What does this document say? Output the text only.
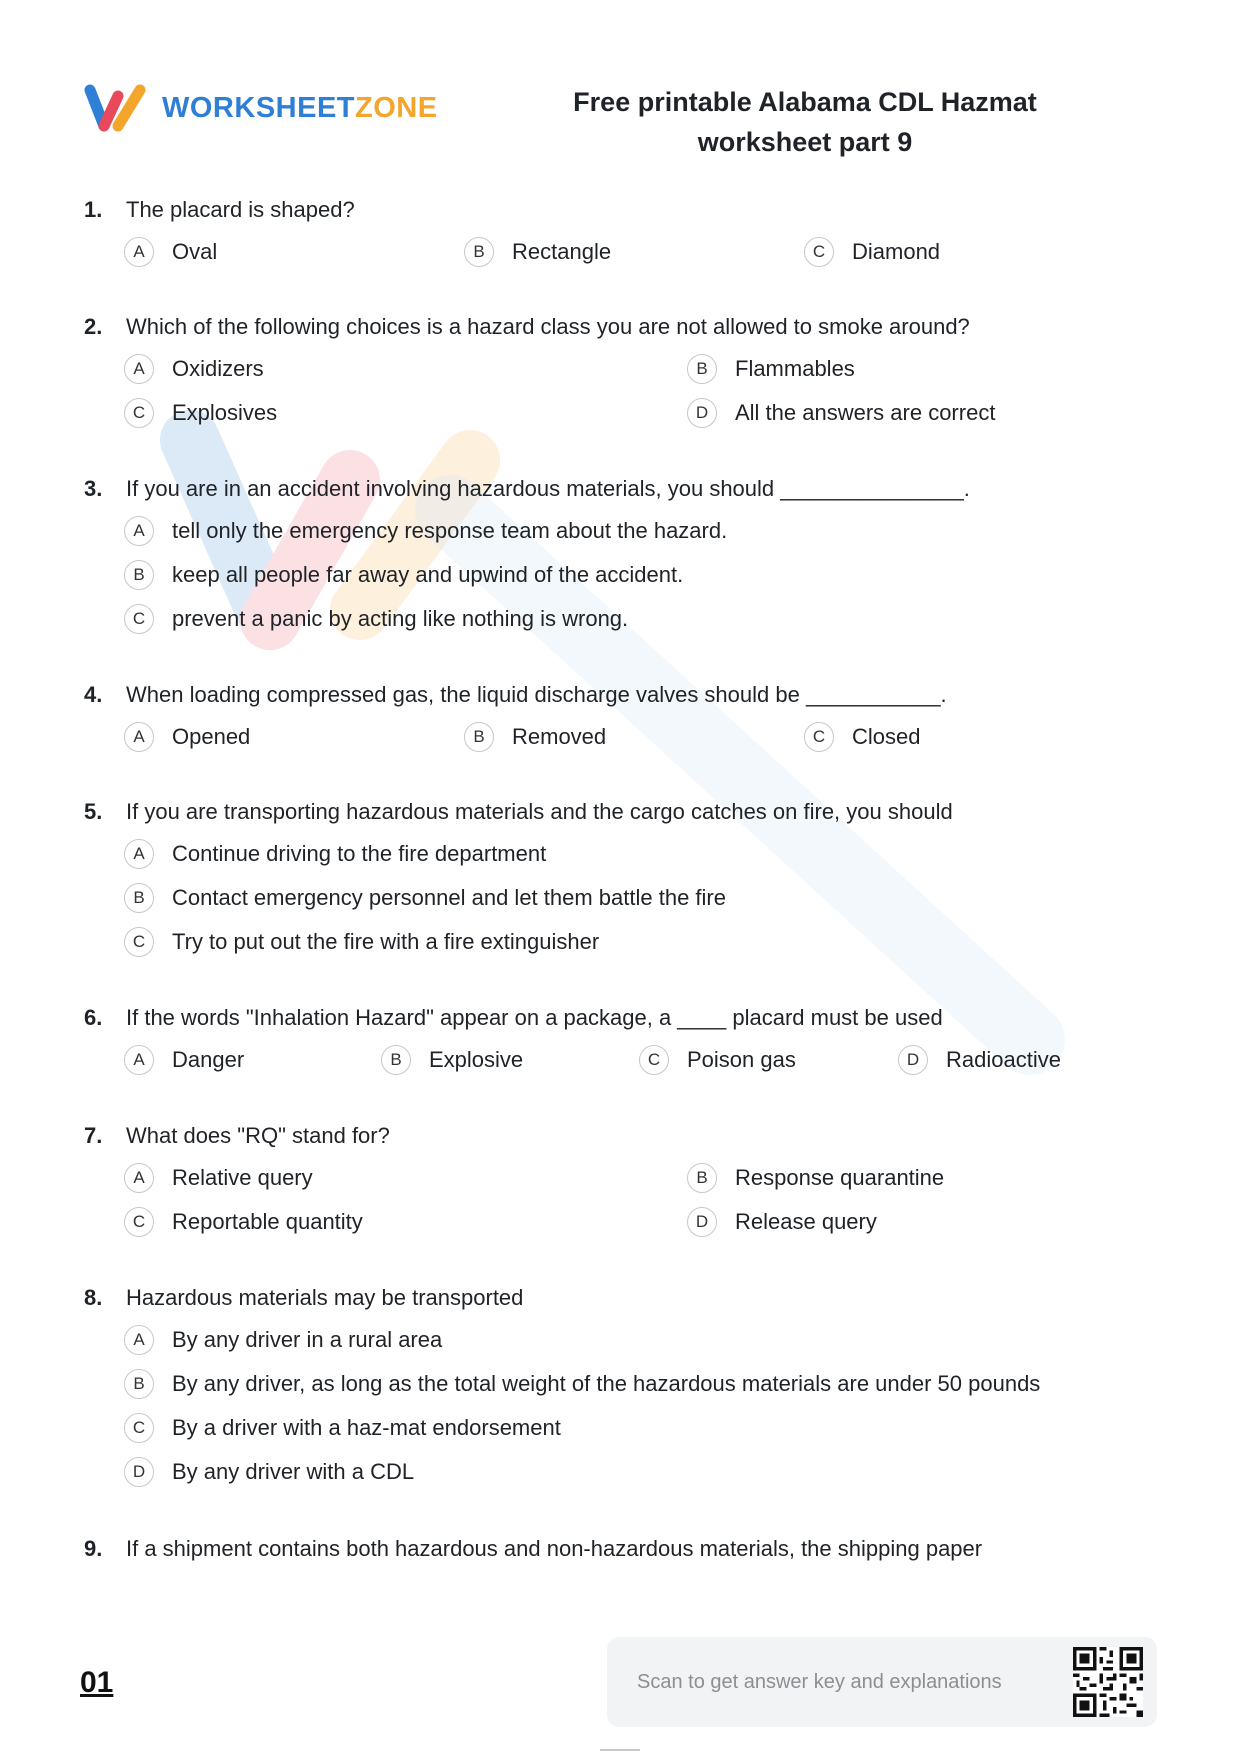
WORKSHEETZONE	Free printable Alabama CDL Hazmat
worksheet part 9
1.	The placard is shaped?
A	Oval	B	Rectangle	C	Diamond
2.	Which of the following choices is a hazard class you are not allowed to smoke around?
A	Oxidizers	B	Flammables
C	Explosives	D	All the answers are correct
3.	If you are in an accident involving hazardous materials, you should _______________.
A	tell only the emergency response team about the hazard.
B	keep all people far away and upwind of the accident.
C	prevent a panic by acting like nothing is wrong.
4.	When loading compressed gas, the liquid discharge valves should be ___________.
A	Opened	B	Removed	C	Closed
5.	If you are transporting hazardous materials and the cargo catches on fire, you should
A	Continue driving to the fire department
B	Contact emergency personnel and let them battle the fire
C	Try to put out the fire with a fire extinguisher
6.	If the words "Inhalation Hazard" appear on a package, a ____ placard must be used
A	Danger	B	Explosive	C	Poison gas	D	Radioactive
7.	What does "RQ" stand for?
A	Relative query	B	Response quarantine
C	Reportable quantity	D	Release query
8.	Hazardous materials may be transported
A	By any driver in a rural area
B	By any driver, as long as the total weight of the hazardous materials are under 50 pounds
C	By a driver with a haz-mat endorsement
D	By any driver with a CDL
9.	If a shipment contains both hazardous and non-hazardous materials, the shipping paper
01	Scan to get answer key and explanations
